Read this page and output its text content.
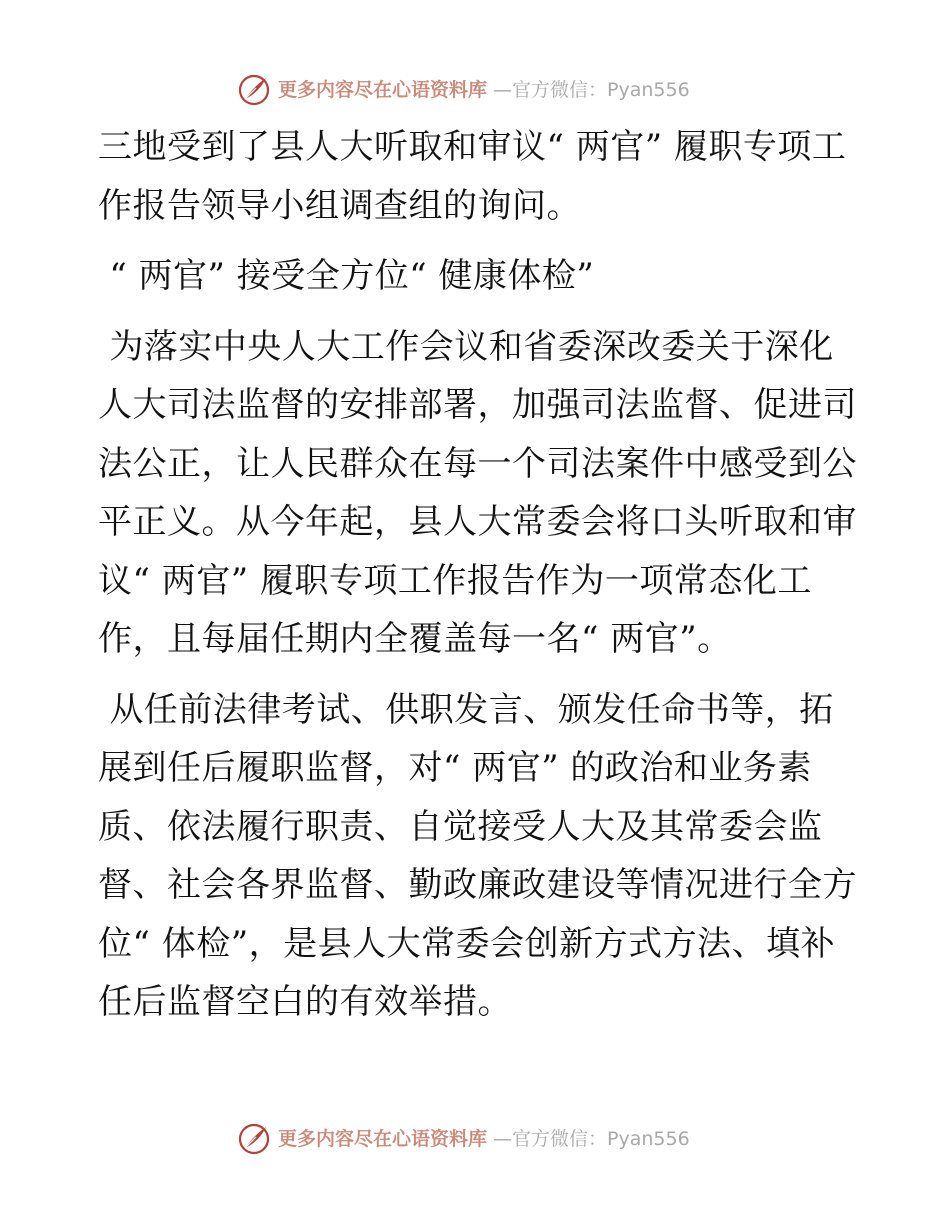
更多内容尽在心语资料库 —官方微信：Pyan556

三地受到了县人大听取和审议“ 两官” 履职专项工作报告领导小组调查组的询问。

“ 两官” 接受全方位“ 健康体检”

为落实中央人大工作会议和省委深改委关于深化人大司法监督的安排部署，加强司法监督、促进司法公正，让人民群众在每一个司法案件中感受到公平正义。从今年起，县人大常委会将口头听取和审议“ 两官” 履职专项工作报告作为一项常态化工作，且每届任期内全覆盖每一名“ 两官”。

从任前法律考试、供职发言、颁发任命书等，拓展到任后履职监督，对“ 两官” 的政治和业务素质、依法履行职责、自觉接受人大及其常委会监督、社会各界监督、勤政廉政建设等情况进行全方位“ 体检”，是县人大常委会创新方式方法、填补任后监督空白的有效举措。

更多内容尽在心语资料库 —官方微信：Pyan556
